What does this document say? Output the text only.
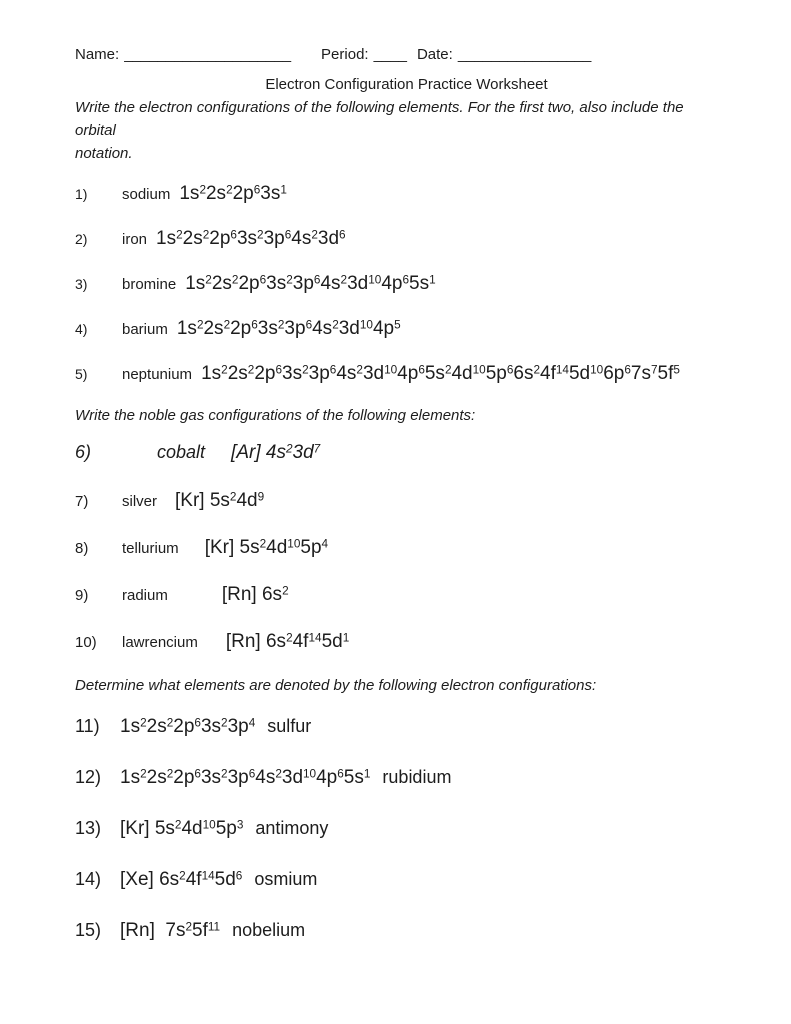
Name: ____________________ Period: ____ Date: ________________
Electron Configuration Practice Worksheet
Write the electron configurations of the following elements. For the first two, also include the orbital
notation.
1)	sodium $1s^22s^22p^63s^1$
2)	iron $1s^22s^22p^63s^23p^64s^23d^6$
3)	bromine $1s^22s^22p^63s^23p^64s^23d^{10}4p^65s^1$
4)	barium $1s^22s^22p^63s^23p^64s^23d^{10}4p^5$
5)	neptunium $1s^22s^22p^63s^23p^64s^23d^{10}4p^65s^24d^{10}5p^66s^24f^{14}5d^{10}6p^67s^75f^5$
Write the noble gas configurations of the following elements:
6)	cobalt [Ar] $4s^23d^7$
7)	silver [Kr] $5s^24d^9$
8)	tellurium [Kr] $5s^24d^{10}5p^4$
9)	radium	[Rn] $6s^2$
10)	lawrencium [Rn] $6s^24f^{14}5d^1$
Determine what elements are denoted by the following electron configurations:
11)	$1s^22s^22p^63s^23p^4$ sulfur
12) $1s^22s^22p^63s^23p^64s^23d^{10}4p^65s^1$ rubidium
13) [Kr] $5s^24d^{10}5p^3$ antimony
14) [Xe] $6s^24f^{14}5d^6$ osmium
15) [Rn]  $7s^25f^{11}$ nobelium
